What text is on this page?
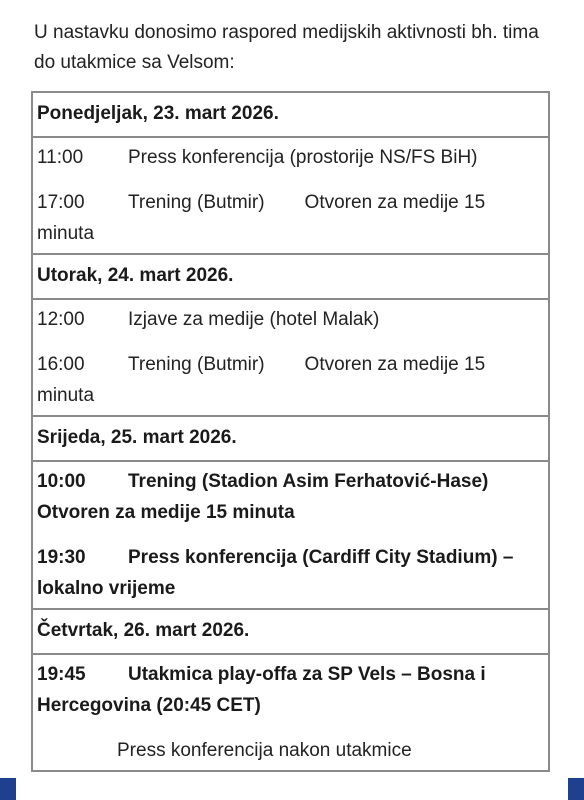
U nastavku donosimo raspored medijskih aktivnosti bh. tima do utakmice sa Velsom:

Ponedjeljak, 23. mart 2026.

11:00 Press konferencija (prostorije NS/FS BiH)
17:00 Trening (Butmir) Otvoren za medije 15 minuta

Utorak, 24. mart 2026.

12:00 Izjave za medije (hotel Malak)
16:00 Trening (Butmir) Otvoren za medije 15 minuta

Srijeda, 25. mart 2026.

10:00 Trening (Stadion Asim Ferhatović-Hase) Otvoren za medije 15 minuta
19:30 Press konferencija (Cardiff City Stadium) – lokalno vrijeme

Četvrtak, 26. mart 2026.

19:45 Utakmica play-offa za SP Vels – Bosna i Hercegovina (20:45 CET)
Press konferencija nakon utakmice
